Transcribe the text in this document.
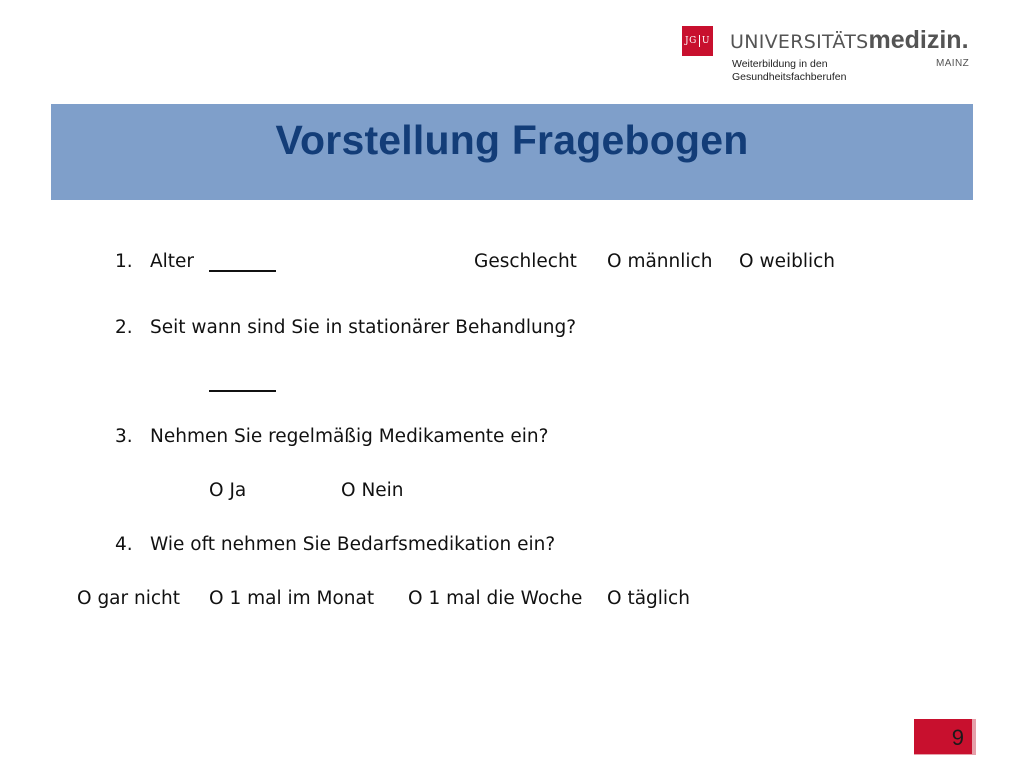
JG U UNIVERSITÄTSmedizin.
Weiterbildung in den
Gesundheitsfachberufen
MAINZ
Vorstellung Fragebogen
1. Alter	Geschlecht O männlich O weiblich
2. Seit wann sind Sie in stationärer Behandlung?
3. Nehmen Sie regelmäßig Medikamente ein?
O Ja	O Nein
4. Wie oft nehmen Sie Bedarfsmedikation ein?
O gar nicht O 1 mal im Monat O 1 mal die Woche O täglich
9
